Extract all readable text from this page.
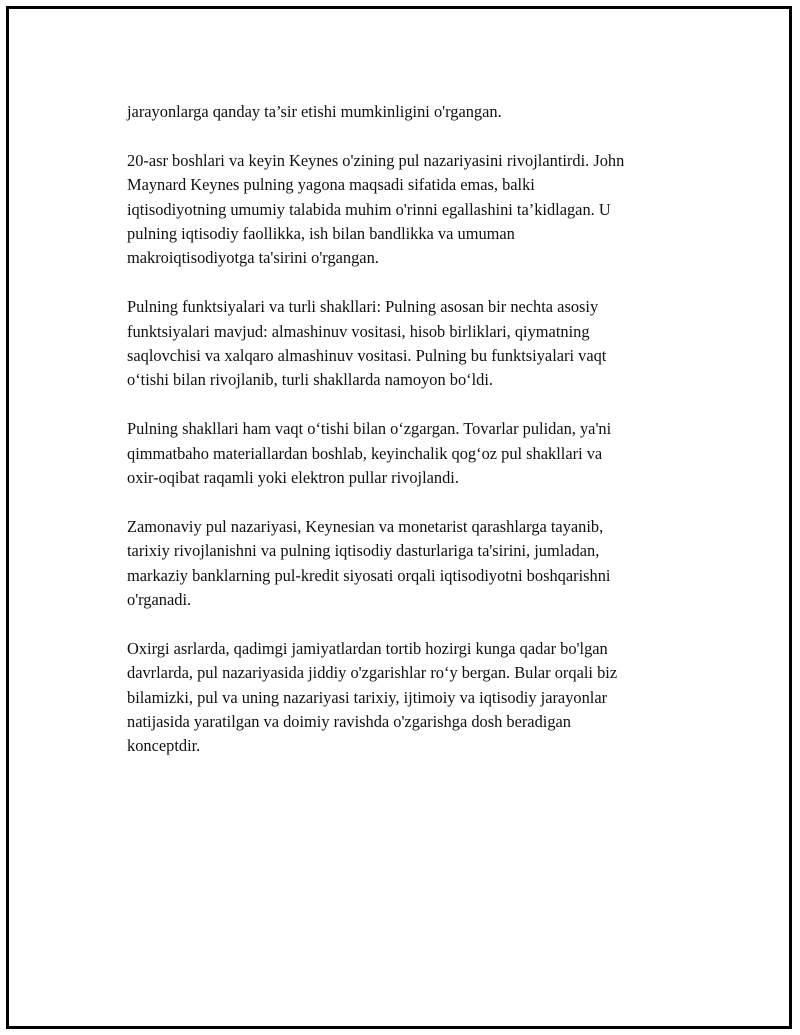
jarayonlarga qanday ta’sir etishi mumkinligini o'rgangan.

20-asr boshlari va keyin Keynes o'zining pul nazariyasini rivojlantirdi. John
Maynard Keynes pulning yagona maqsadi sifatida emas, balki
iqtisodiyotning umumiy talabida muhim o'rinni egallashini ta’kidlagan. U
pulning iqtisodiy faollikka, ish bilan bandlikka va umuman
makroiqtisodiyotga ta'sirini o'rgangan.

Pulning funktsiyalari va turli shakllari: Pulning asosan bir nechta asosiy
funktsiyalari mavjud: almashinuv vositasi, hisob birliklari, qiymatning
saqlovchisi va xalqaro almashinuv vositasi. Pulning bu funktsiyalari vaqt
o‘tishi bilan rivojlanib, turli shakllarda namoyon bo‘ldi.

Pulning shakllari ham vaqt o‘tishi bilan o‘zgargan. Tovarlar pulidan, ya'ni
qimmatbaho materiallardan boshlab, keyinchalik qog‘oz pul shakllari va
oxir-oqibat raqamli yoki elektron pullar rivojlandi.

Zamonaviy pul nazariyasi, Keynesian va monetarist qarashlarga tayanib,
tarixiy rivojlanishni va pulning iqtisodiy dasturlariga ta'sirini, jumladan,
markaziy banklarning pul-kredit siyosati orqali iqtisodiyotni boshqarishni
o'rganadi.

Oxirgi asrlarda, qadimgi jamiyatlardan tortib hozirgi kunga qadar bo'lgan
davrlarda, pul nazariyasida jiddiy o'zgarishlar ro‘y bergan. Bular orqali biz
bilamizki, pul va uning nazariyasi tarixiy, ijtimoiy va iqtisodiy jarayonlar
natijasida yaratilgan va doimiy ravishda o'zgarishga dosh beradigan
konceptdir.
